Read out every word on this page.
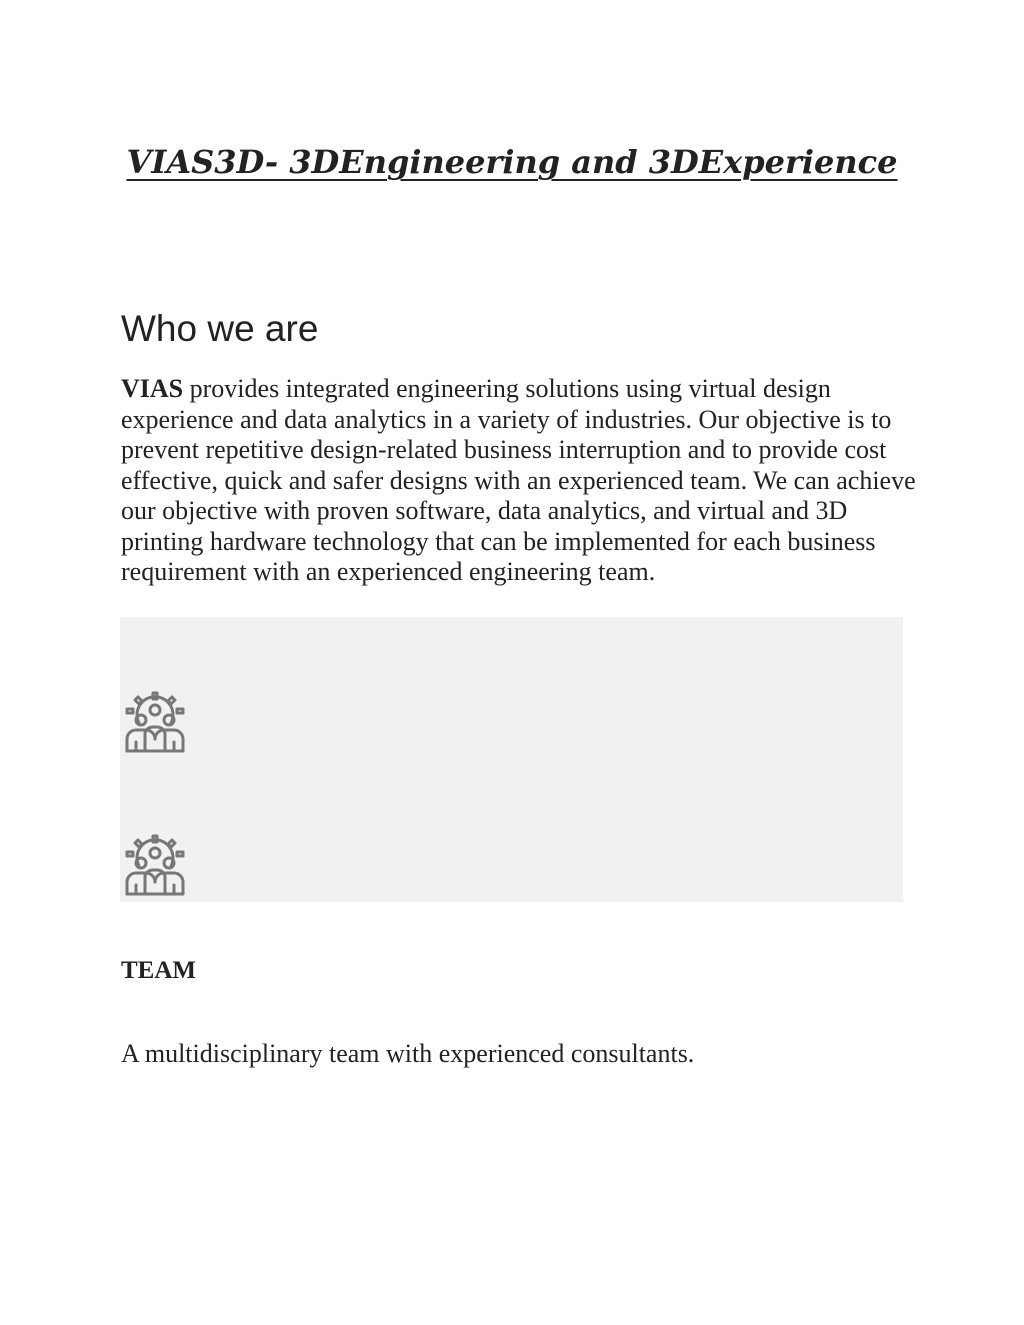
VIAS3D- 3DEngineering and 3DExperience
Who we are

VIAS provides integrated engineering solutions using virtual design experience and data analytics in a variety of industries. Our objective is to prevent repetitive design-related business interruption and to provide cost effective, quick and safer designs with an experienced team. We can achieve our objective with proven software, data analytics, and virtual and 3D printing hardware technology that can be implemented for each business requirement with an experienced engineering team.

TEAM

A multidisciplinary team with experienced consultants.
